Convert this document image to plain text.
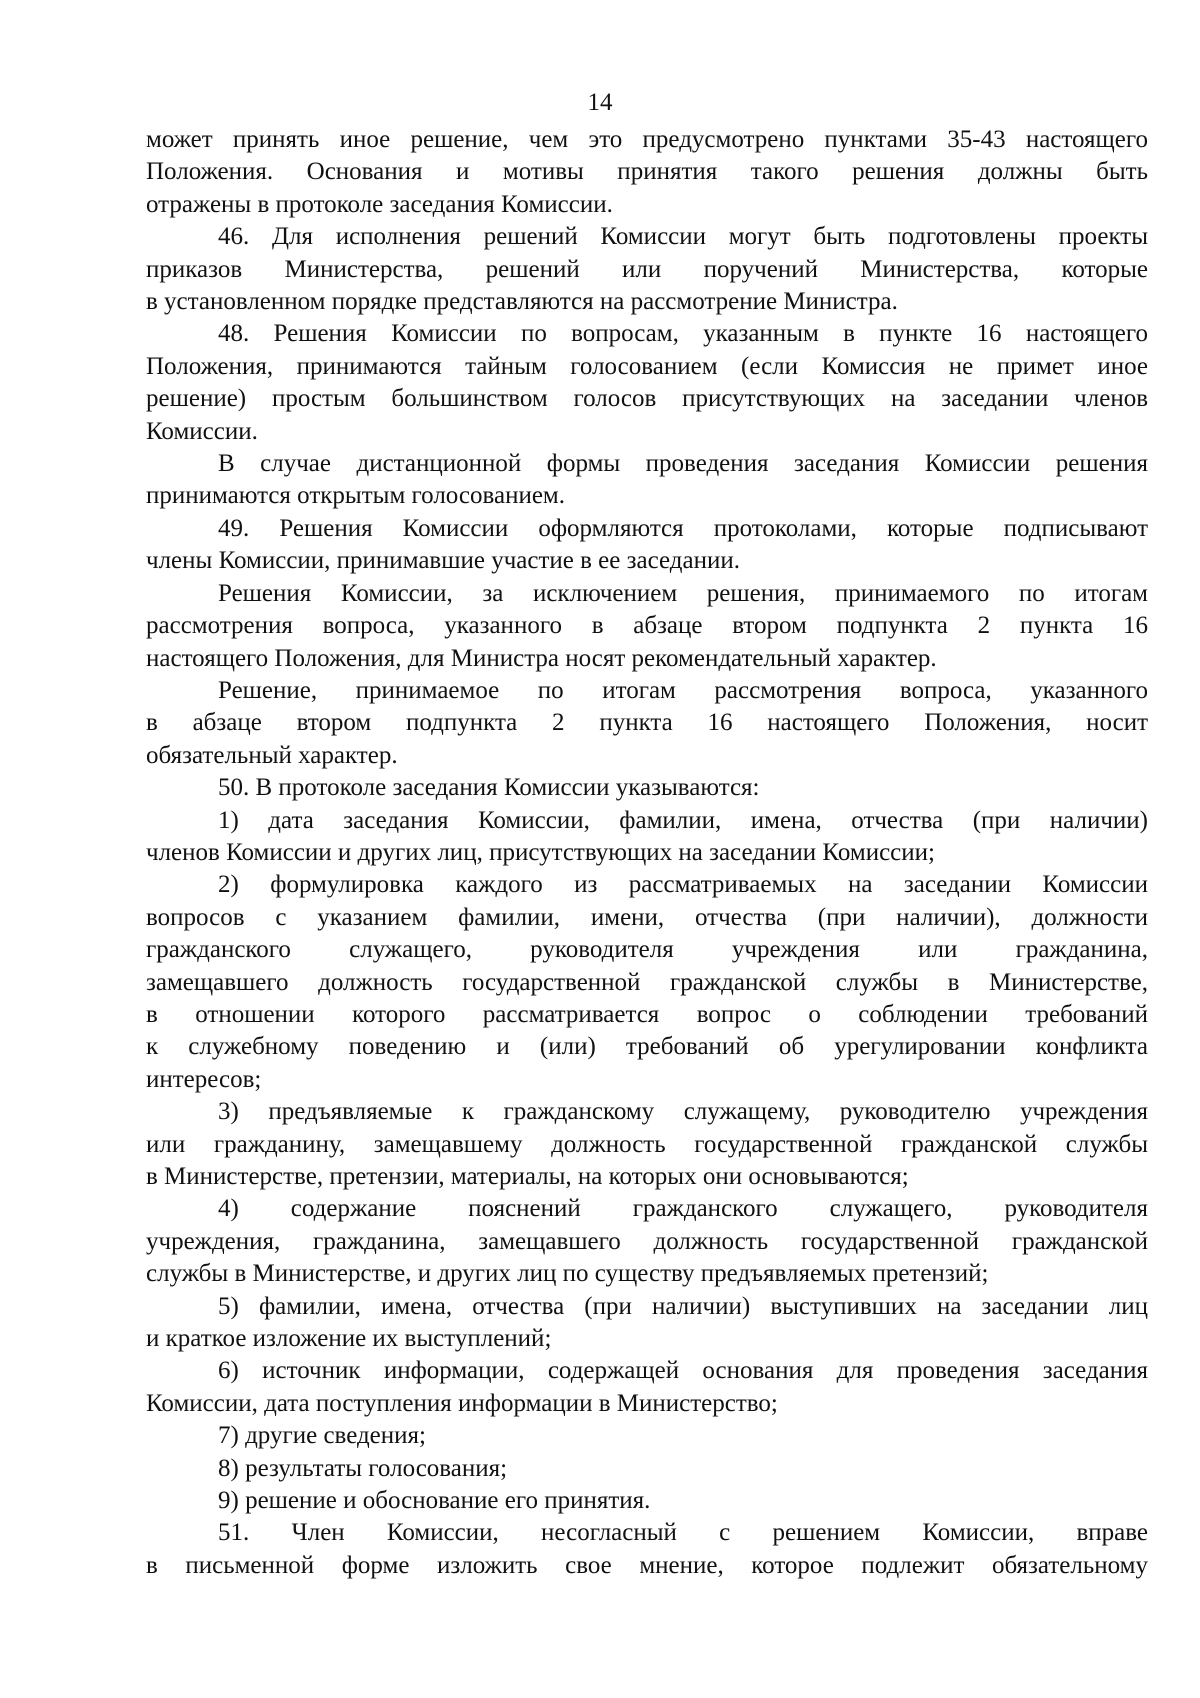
14

может принять иное решение, чем это предусмотрено пунктами 35-43 настоящего

Положения. Основания и мотивы принятия такого решения должны быть

отражены в протоколе заседания Комиссии.

46. Для исполнения решений Комиссии могут быть подготовлены проекты

приказов Министерства, решений или поручений Министерства, которые

в установленном порядке представляются на рассмотрение Министра.

48. Решения Комиссии по вопросам, указанным в пункте 16 настоящего

Положения, принимаются тайным голосованием (если Комиссия не примет иное

решение) простым большинством голосов присутствующих на заседании членов

Комиссии.

В случае дистанционной формы проведения заседания Комиссии решения

принимаются открытым голосованием.

49. Решения Комиссии оформляются протоколами, которые подписывают

члены Комиссии, принимавшие участие в ее заседании.

Решения Комиссии, за исключением решения, принимаемого по итогам

рассмотрения вопроса, указанного в абзаце втором подпункта 2 пункта 16

настоящего Положения, для Министра носят рекомендательный характер.

Решение, принимаемое по итогам рассмотрения вопроса, указанного

в абзаце втором подпункта 2 пункта 16 настоящего Положения, носит

обязательный характер.

50. В протоколе заседания Комиссии указываются:

1) дата заседания Комиссии, фамилии, имена, отчества (при наличии)

членов Комиссии и других лиц, присутствующих на заседании Комиссии;

2) формулировка каждого из рассматриваемых на заседании Комиссии

вопросов с указанием фамилии, имени, отчества (при наличии), должности

гражданского служащего, руководителя учреждения или гражданина,

замещавшего должность государственной гражданской службы в Министерстве,

в отношении которого рассматривается вопрос о соблюдении требований

к служебному поведению и (или) требований об урегулировании конфликта

интересов;

3) предъявляемые к гражданскому служащему, руководителю учреждения

или гражданину, замещавшему должность государственной гражданской службы

в Министерстве, претензии, материалы, на которых они основываются;

4) содержание пояснений гражданского служащего, руководителя

учреждения, гражданина, замещавшего должность государственной гражданской

службы в Министерстве, и других лиц по существу предъявляемых претензий;

5) фамилии, имена, отчества (при наличии) выступивших на заседании лиц

и краткое изложение их выступлений;

6) источник информации, содержащей основания для проведения заседания

Комиссии, дата поступления информации в Министерство;

7) другие сведения;

8) результаты голосования;

9) решение и обоснование его принятия.

51. Член Комиссии, несогласный с решением Комиссии, вправе

в письменной форме изложить свое мнение, которое подлежит обязательному
